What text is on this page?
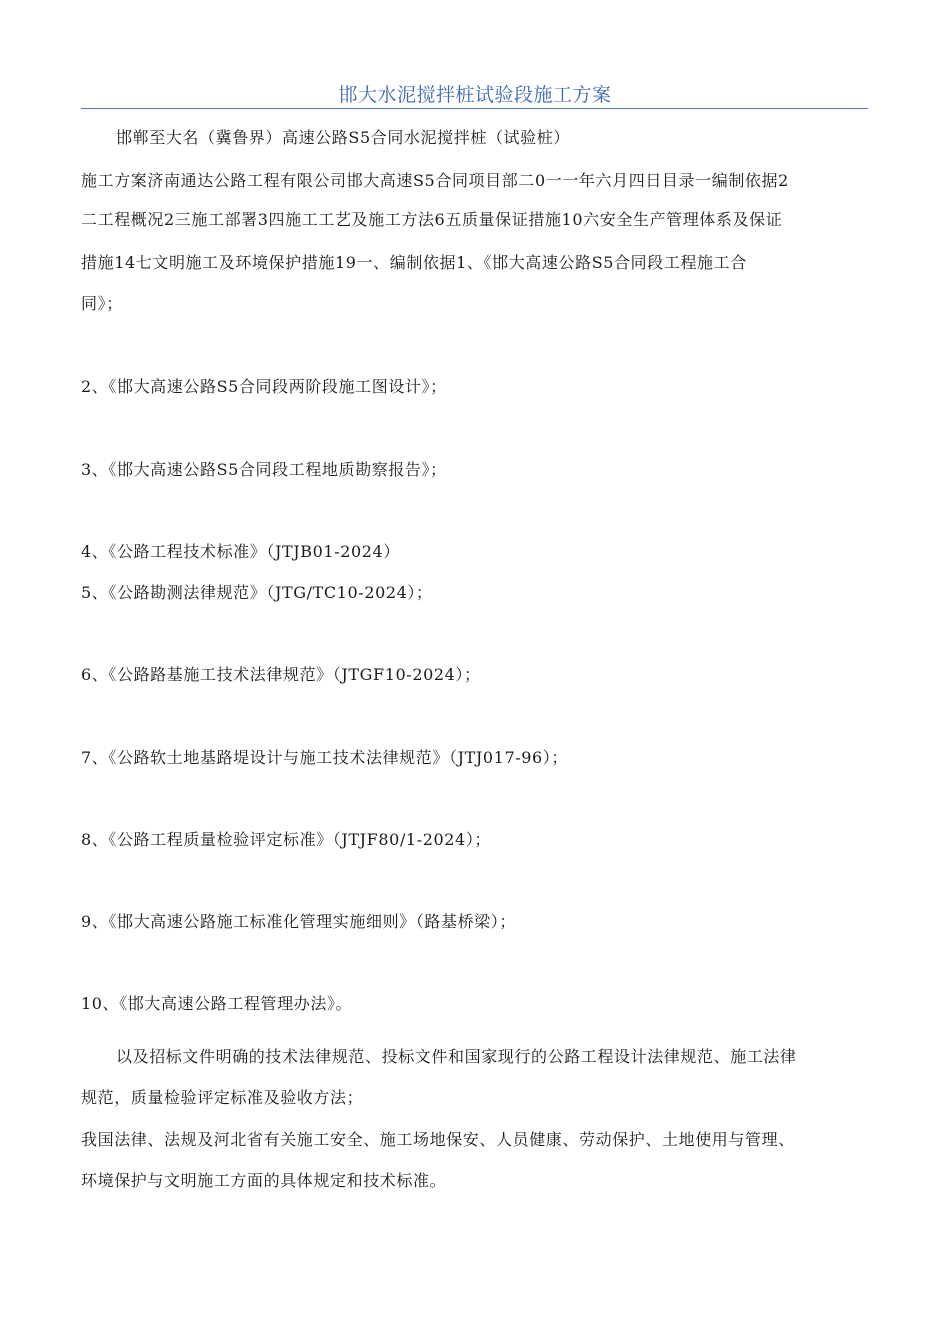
邯大水泥搅拌桩试验段施工方案
邯郸至大名（冀鲁界）高速公路S5合同水泥搅拌桩（试验桩）
施工方案济南通达公路工程有限公司邯大高速S5合同项目部二0一一年六月四日目录一编制依据2
二工程概况2三施工部署3四施工工艺及施工方法6五质量保证措施10六安全生产管理体系及保证
措施14七文明施工及环境保护措施19一、编制依据1、《邯大高速公路S5合同段工程施工合
同》；
2、《邯大高速公路S5合同段两阶段施工图设计》；
3、《邯大高速公路S5合同段工程地质勘察报告》；
4、《公路工程技术标准》（JTJB01-2024）
5、《公路勘测法律规范》（JTG/TC10-2024）；
6、《公路路基施工技术法律规范》（JTGF10-2024）；
7、《公路软土地基路堤设计与施工技术法律规范》（JTJ017-96）；
8、《公路工程质量检验评定标准》（JTJF80/1-2024）；
9、《邯大高速公路施工标准化管理实施细则》（路基桥梁）；
10、《邯大高速公路工程管理办法》。
以及招标文件明确的技术法律规范、投标文件和国家现行的公路工程设计法律规范、施工法律
规范，质量检验评定标准及验收方法；
我国法律、法规及河北省有关施工安全、施工场地保安、人员健康、劳动保护、土地使用与管理、
环境保护与文明施工方面的具体规定和技术标准。
